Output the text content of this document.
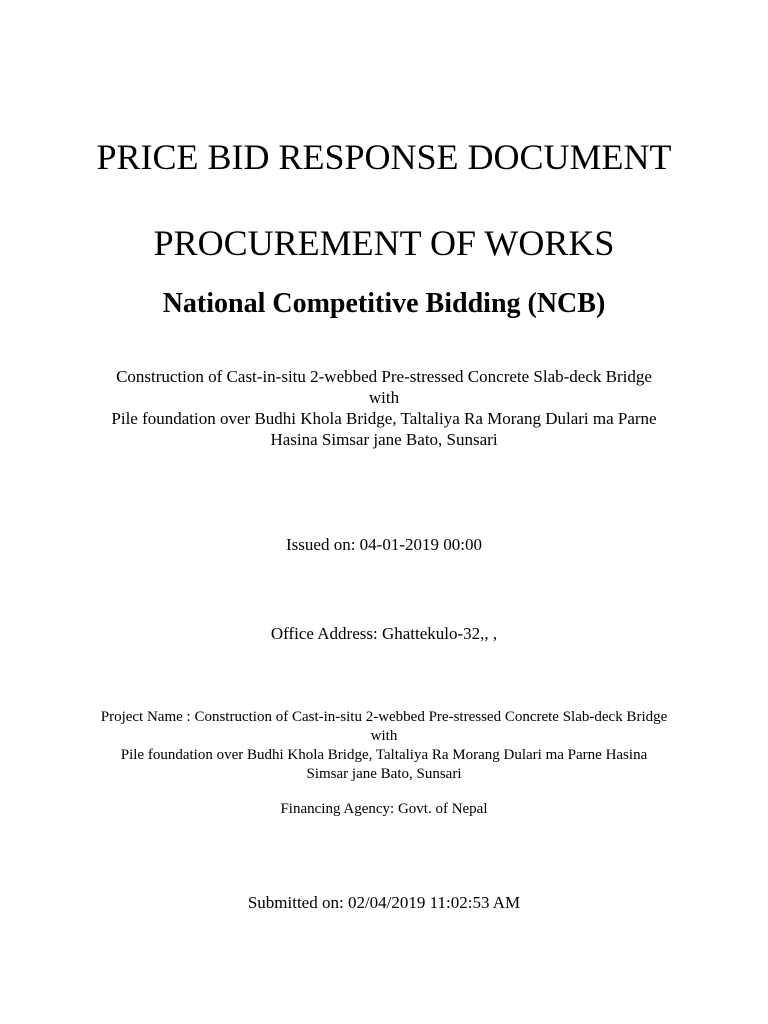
PRICE BID RESPONSE DOCUMENT
PROCUREMENT OF WORKS
National Competitive Bidding (NCB)

Construction of Cast-in-situ 2-webbed Pre-stressed Concrete Slab-deck Bridge

with

Pile foundation over Budhi Khola Bridge, Taltaliya Ra Morang Dulari ma Parne

Hasina Simsar jane Bato, Sunsari

Issued on: 04-01-2019 00:00

Office Address: Ghattekulo-32,, ,

Project Name : Construction of Cast-in-situ 2-webbed Pre-stressed Concrete Slab-deck Bridge

with

Pile foundation over Budhi Khola Bridge, Taltaliya Ra Morang Dulari ma Parne Hasina

Simsar jane Bato, Sunsari

Financing Agency: Govt. of Nepal

Submitted on: 02/04/2019 11:02:53 AM
